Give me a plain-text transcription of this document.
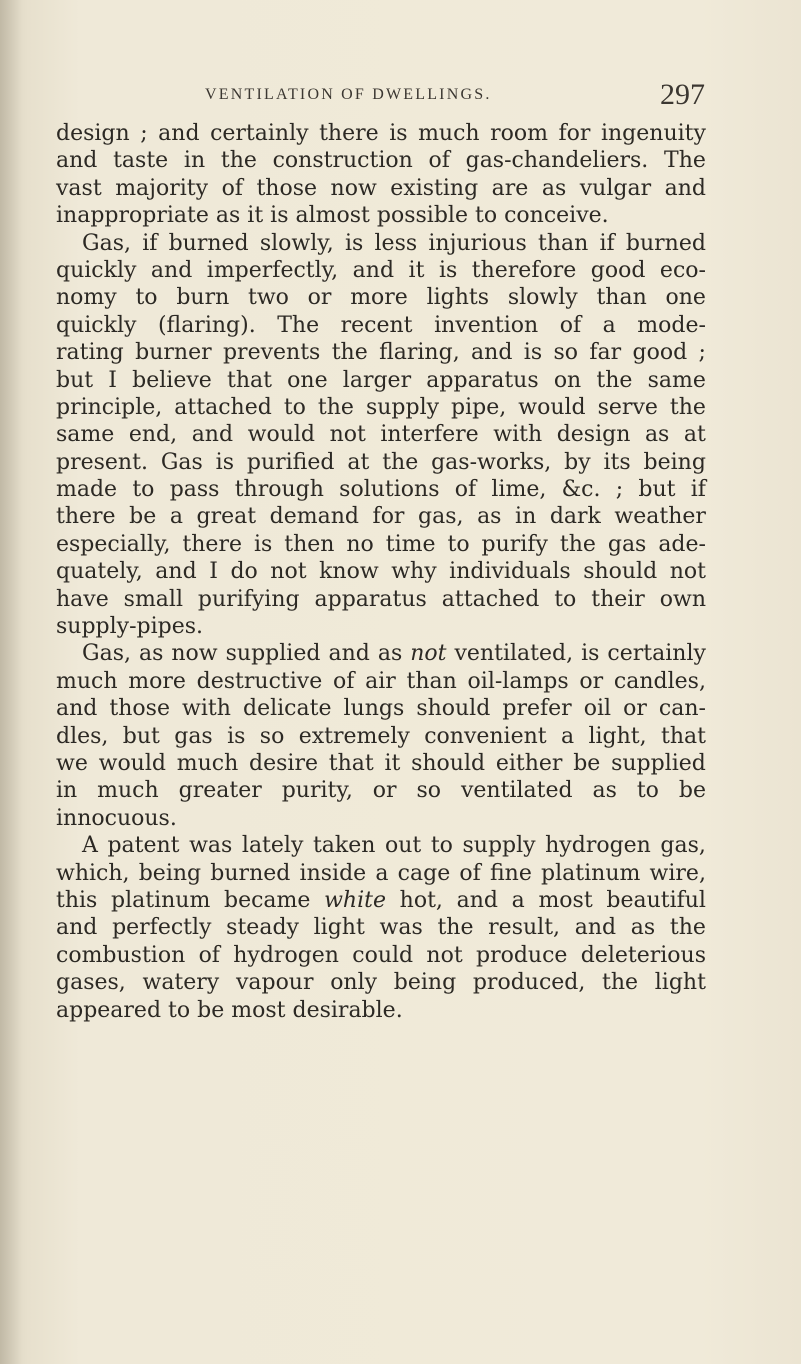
VENTILATION OF DWELLINGS.	297
design ; and certainly there is much room for ingenuity
and taste in the construction of gas-chandeliers. The
vast majority of those now existing are as vulgar and
inappropriate as it is almost possible to conceive.
Gas, if burned slowly, is less injurious than if burned
quickly and imperfectly, and it is therefore good eco-
nomy to burn two or more lights slowly than one
quickly (flaring). The recent invention of a mode-
rating burner prevents the flaring, and is so far good ;
but I believe that one larger apparatus on the same
principle, attached to the supply pipe, would serve the
same end, and would not interfere with design as at
present. Gas is purified at the gas-works, by its being
made to pass through solutions of lime, &c. ; but if
there be a great demand for gas, as in dark weather
especially, there is then no time to purify the gas ade-
quately, and I do not know why individuals should not
have small purifying apparatus attached to their own
supply-pipes.
Gas, as now supplied and as not ventilated, is certainly
much more destructive of air than oil-lamps or candles,
and those with delicate lungs should prefer oil or can-
dles, but gas is so extremely convenient a light, that
we would much desire that it should either be supplied
in much greater purity, or so ventilated as to be
innocuous.
A patent was lately taken out to supply hydrogen gas,
which, being burned inside a cage of fine platinum wire,
this platinum became white hot, and a most beautiful
and perfectly steady light was the result, and as the
combustion of hydrogen could not produce deleterious
gases, watery vapour only being produced, the light
appeared to be most desirable.
